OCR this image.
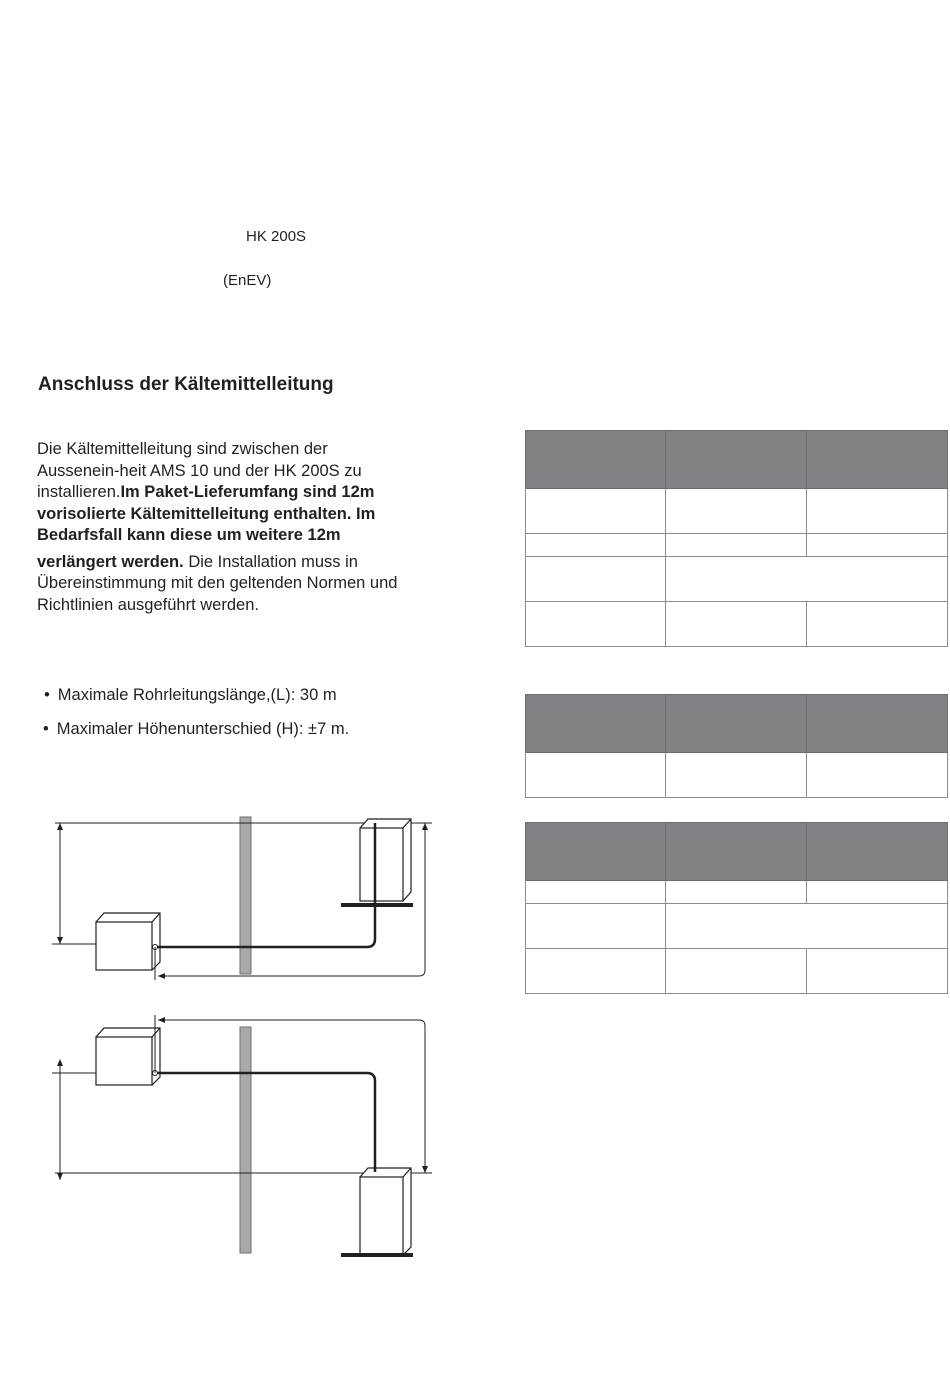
HK 200S
(EnEV)
Anschluss der Kältemittelleitung
Die Kältemittelleitung sind zwischen der
Aussenein-heit AMS 10 und der HK 200S zu
installieren.Im Paket-Lieferumfang sind 12m
vorisolierte Kältemittelleitung enthalten. Im
Bedarfsfall kann diese um weitere 12m
verlängert werden. Die Installation muss in
Übereinstimmung mit den geltenden Normen und
Richtlinien ausgeführt werden.
• Maximale Rohrleitungslänge,(L): 30 m
• Maximaler Höhenunterschied (H): ±7 m.
